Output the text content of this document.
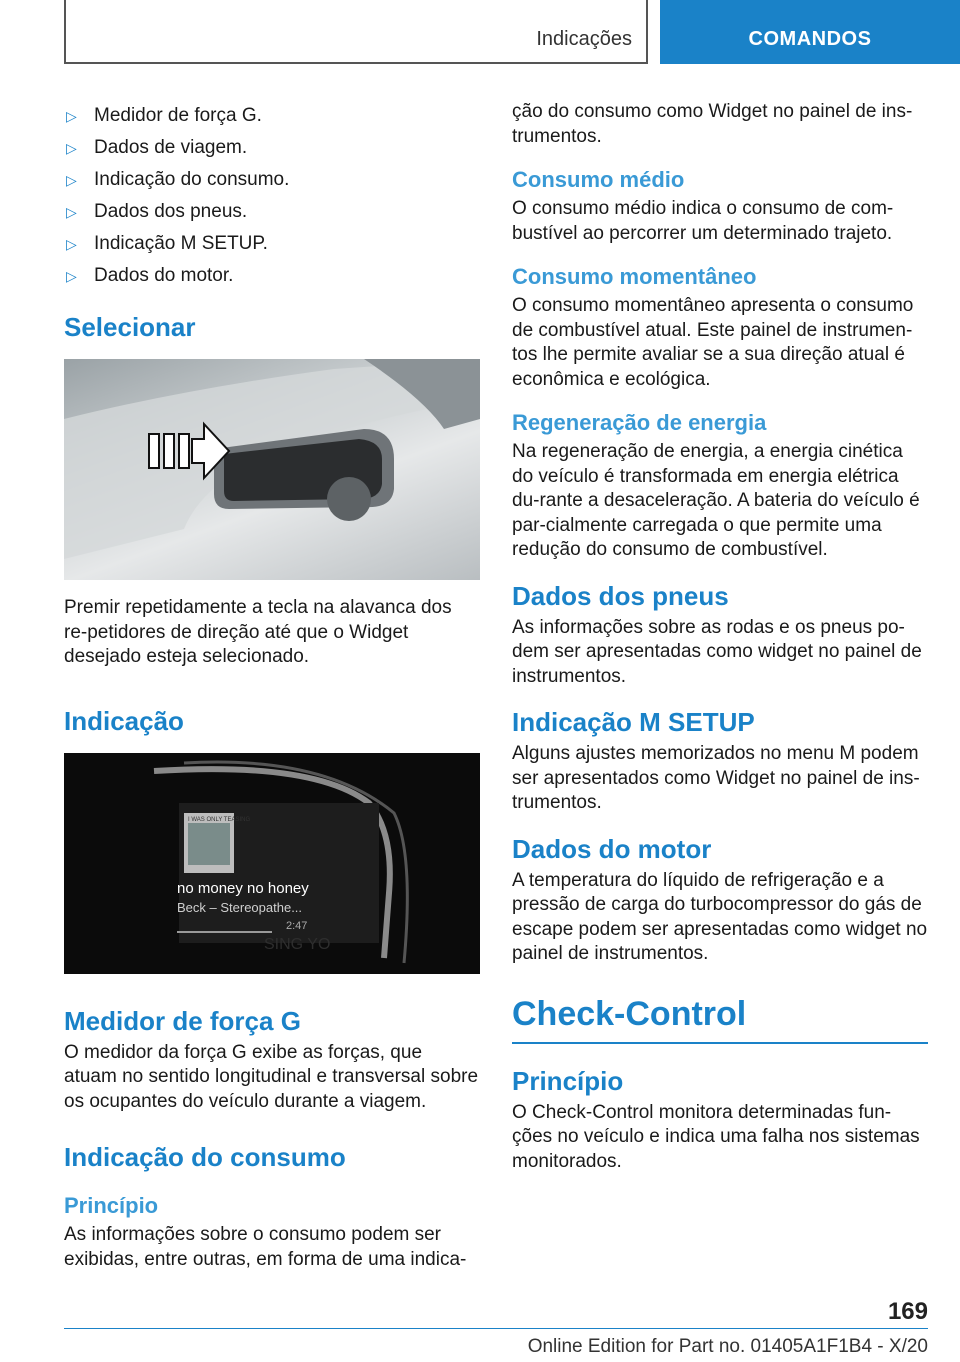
Indicações	COMANDOS
▷ Medidor de força G.
▷ Dados de viagem.
▷ Indicação do consumo.
▷ Dados dos pneus.
▷ Indicação M SETUP.
▷ Dados do motor.
Selecionar

Premir repetidamente a tecla na alavanca dos re-petidores de direção até que o Widget desejado esteja selecionado.

Indicação
I WAS ONLY TEASING
no money no honey
Beck – Stereopathe...
2:47
SING YO
Medidor de força G

O medidor da força G exibe as forças, que atuam no sentido longitudinal e transversal sobre os ocupantes do veículo durante a viagem.

Indicação do consumo
Princípio

As informações sobre o consumo podem ser exibidas, entre outras, em forma de uma indica-

ção do consumo como Widget no painel de ins-trumentos.

Consumo médio

O consumo médio indica o consumo de com-bustível ao percorrer um determinado trajeto.

Consumo momentâneo

O consumo momentâneo apresenta o consumo de combustível atual. Este painel de instrumen-tos lhe permite avaliar se a sua direção atual é econômica e ecológica.

Regeneração de energia

Na regeneração de energia, a energia cinética do veículo é transformada em energia elétrica du-rante a desaceleração. A bateria do veículo é par-cialmente carregada o que permite uma redução do consumo de combustível.

Dados dos pneus

As informações sobre as rodas e os pneus po-dem ser apresentadas como widget no painel de instrumentos.

Indicação M SETUP

Alguns ajustes memorizados no menu M podem ser apresentados como Widget no painel de ins-trumentos.

Dados do motor

A temperatura do líquido de refrigeração e a pressão de carga do turbocompressor do gás de escape podem ser apresentadas como widget no painel de instrumentos.

Check-Control
Princípio

O Check-Control monitora determinadas fun-ções no veículo e indica uma falha nos sistemas monitorados.

169
Online Edition for Part no. 01405A1F1B4 - X/20
